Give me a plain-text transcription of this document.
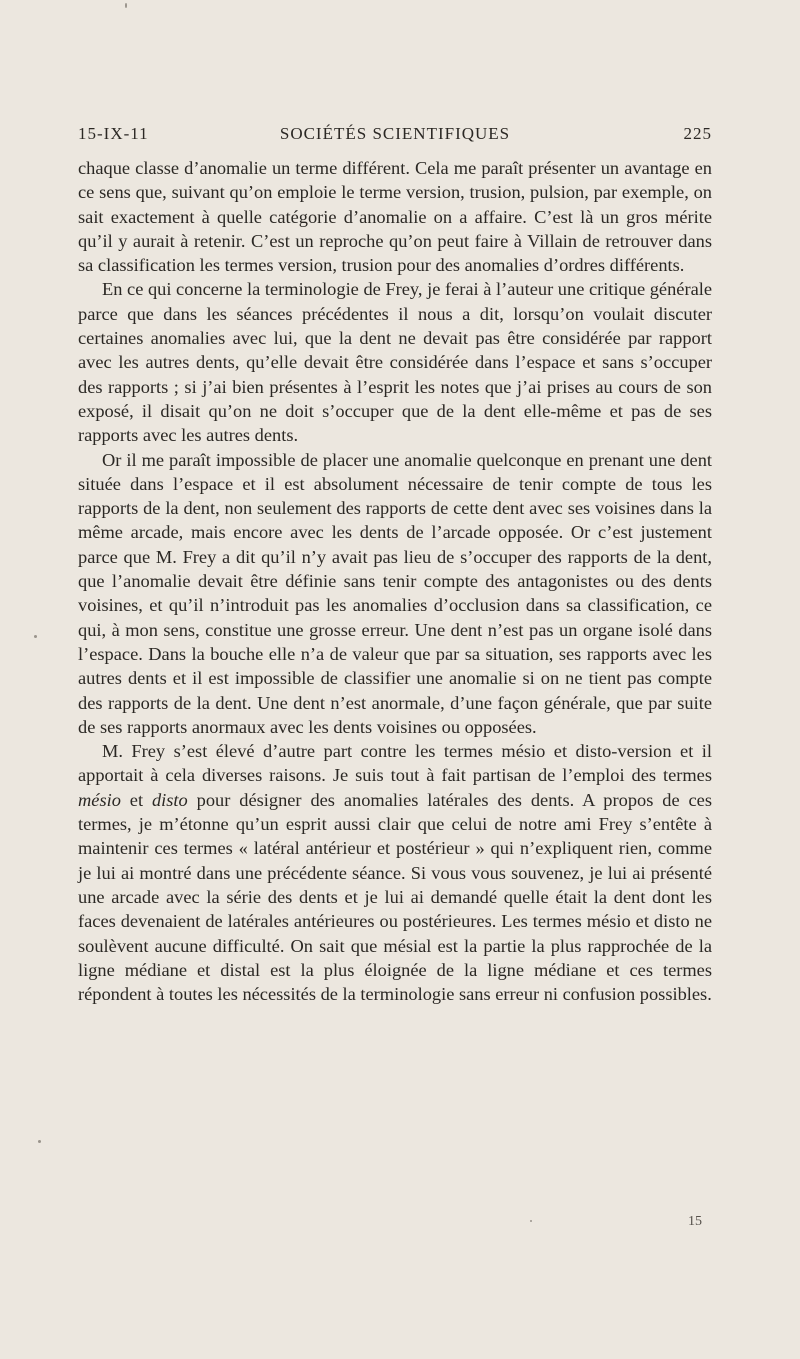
15-IX-11	SOCIÉTÉS SCIENTIFIQUES	225

chaque classe d’anomalie un terme différent. Cela me paraît présenter un avantage en ce sens que, suivant qu’on emploie le terme version, trusion, pulsion, par exemple, on sait exactement à quelle catégorie d’anomalie on a affaire. C’est là un gros mérite qu’il y aurait à retenir. C’est un reproche qu’on peut faire à Villain de retrouver dans sa classification les termes version, trusion pour des anomalies d’ordres différents.

En ce qui concerne la terminologie de Frey, je ferai à l’auteur une critique générale parce que dans les séances précédentes il nous a dit, lorsqu’on voulait discuter certaines anomalies avec lui, que la dent ne devait pas être considérée par rapport avec les autres dents, qu’elle devait être considérée dans l’espace et sans s’occuper des rapports ; si j’ai bien présentes à l’esprit les notes que j’ai prises au cours de son exposé, il disait qu’on ne doit s’occuper que de la dent elle-même et pas de ses rapports avec les autres dents.

Or il me paraît impossible de placer une anomalie quelconque en prenant une dent située dans l’espace et il est absolument nécessaire de tenir compte de tous les rapports de la dent, non seulement des rapports de cette dent avec ses voisines dans la même arcade, mais encore avec les dents de l’arcade opposée. Or c’est justement parce que M. Frey a dit qu’il n’y avait pas lieu de s’occuper des rapports de la dent, que l’anomalie devait être définie sans tenir compte des antagonistes ou des dents voisines, et qu’il n’introduit pas les anomalies d’occlusion dans sa classification, ce qui, à mon sens, constitue une grosse erreur. Une dent n’est pas un organe isolé dans l’espace. Dans la bouche elle n’a de valeur que par sa situation, ses rapports avec les autres dents et il est impossible de classifier une anomalie si on ne tient pas compte des rapports de la dent. Une dent n’est anormale, d’une façon générale, que par suite de ses rapports anormaux avec les dents voisines ou opposées.

M. Frey s’est élevé d’autre part contre les termes mésio et disto-version et il apportait à cela diverses raisons. Je suis tout à fait partisan de l’emploi des termes mésio et disto pour désigner des anomalies latérales des dents. A propos de ces termes, je m’étonne qu’un esprit aussi clair que celui de notre ami Frey s’entête à maintenir ces termes « latéral antérieur et postérieur » qui n’expliquent rien, comme je lui ai montré dans une précédente séance. Si vous vous souvenez, je lui ai présenté une arcade avec la série des dents et je lui ai demandé quelle était la dent dont les faces devenaient de latérales antérieures ou postérieures. Les termes mésio et disto ne soulèvent aucune difficulté. On sait que mésial est la partie la plus rapprochée de la ligne médiane et distal est la plus éloignée de la ligne médiane et ces termes répondent à toutes les nécessités de la terminologie sans erreur ni confusion possibles.

15
